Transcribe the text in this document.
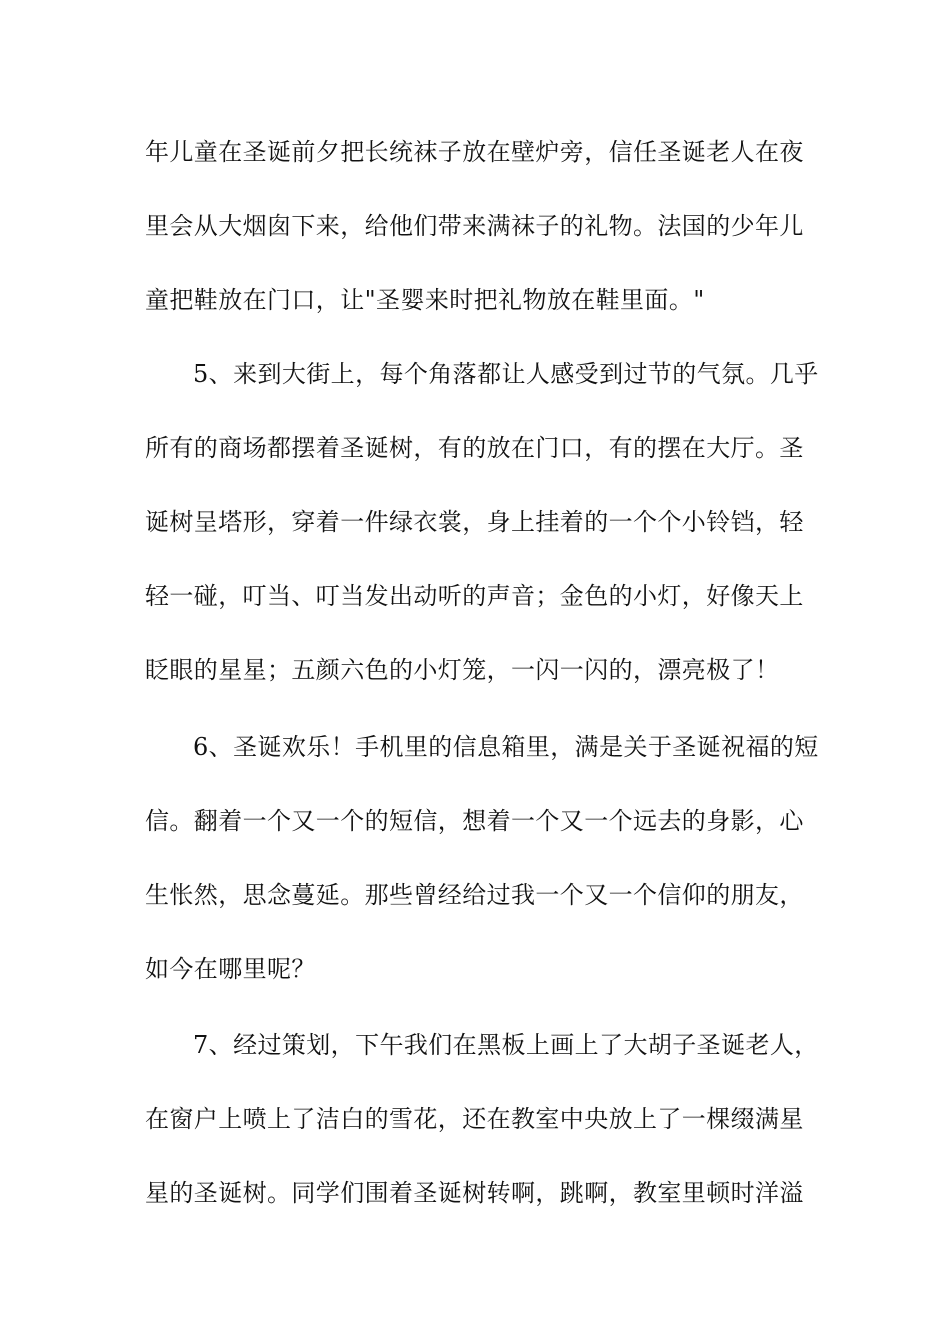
年儿童在圣诞前夕把长统袜子放在壁炉旁，信任圣诞老人在夜
里会从大烟囱下来，给他们带来满袜子的礼物。法国的少年儿
童把鞋放在门口，让"圣婴来时把礼物放在鞋里面。"
5、来到大街上，每个角落都让人感受到过节的气氛。几乎
所有的商场都摆着圣诞树，有的放在门口，有的摆在大厅。圣
诞树呈塔形，穿着一件绿衣裳，身上挂着的一个个小铃铛，轻
轻一碰，叮当、叮当发出动听的声音；金色的小灯，好像天上
眨眼的星星；五颜六色的小灯笼，一闪一闪的，漂亮极了！
6、圣诞欢乐！手机里的信息箱里，满是关于圣诞祝福的短
信。翻着一个又一个的短信，想着一个又一个远去的身影，心
生怅然，思念蔓延。那些曾经给过我一个又一个信仰的朋友，
如今在哪里呢？
7、经过策划，下午我们在黑板上画上了大胡子圣诞老人，
在窗户上喷上了洁白的雪花，还在教室中央放上了一棵缀满星
星的圣诞树。同学们围着圣诞树转啊，跳啊，教室里顿时洋溢
